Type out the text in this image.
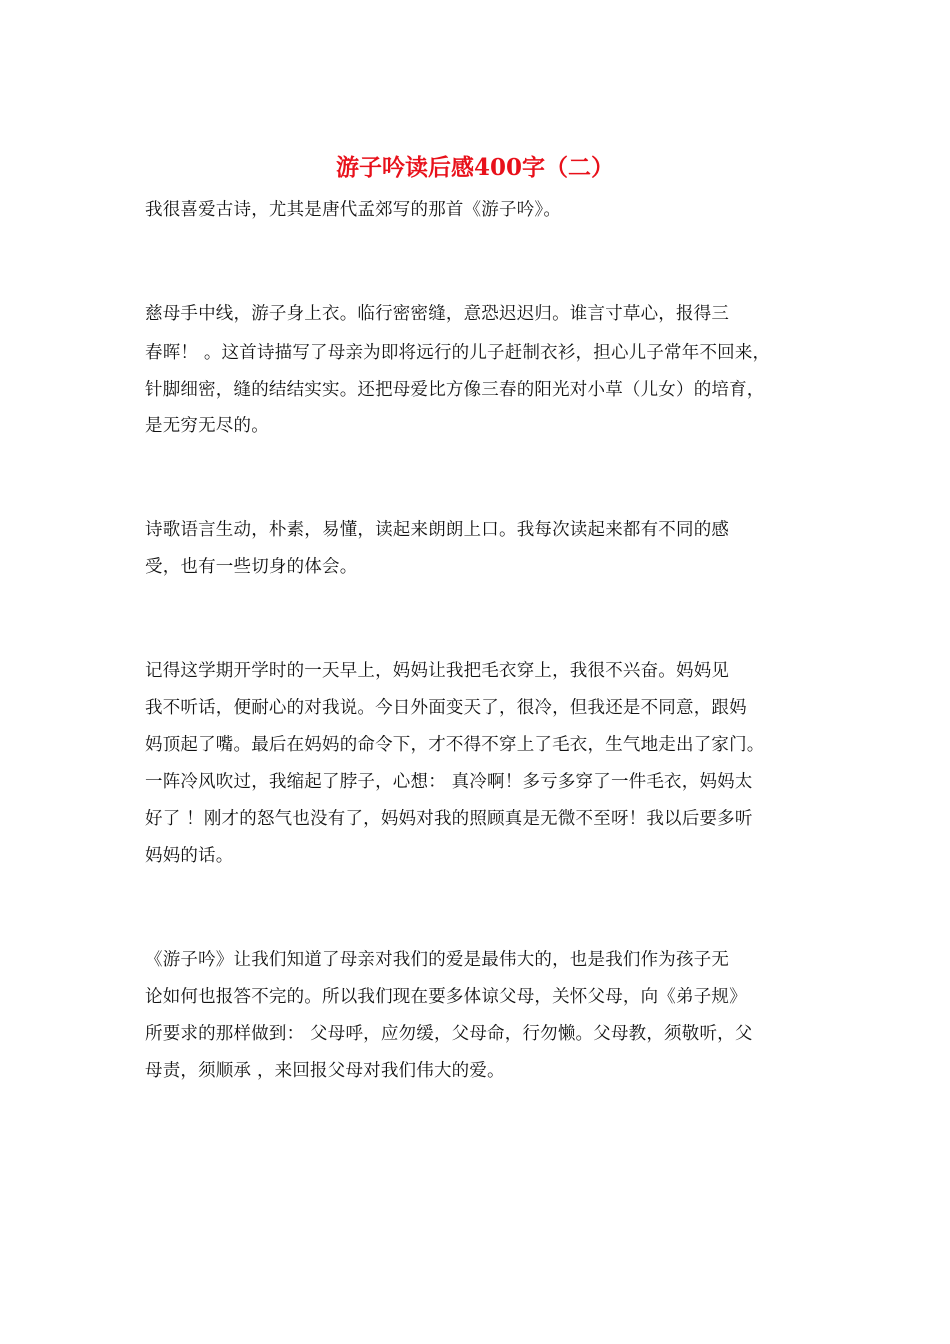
游子吟读后感400字（二）
我很喜爱古诗，尤其是唐代孟郊写的那首《游子吟》。
慈母手中线，游子身上衣。临行密密缝，意恐迟迟归。谁言寸草心，报得三
春晖！ 。这首诗描写了母亲为即将远行的儿子赶制衣衫，担心儿子常年不回来，
针脚细密，缝的结结实实。还把母爱比方像三春的阳光对小草（儿女）的培育，
是无穷无尽的。
诗歌语言生动，朴素，易懂，读起来朗朗上口。我每次读起来都有不同的感
受，也有一些切身的体会。
记得这学期开学时的一天早上，妈妈让我把毛衣穿上，我很不兴奋。妈妈见
我不听话，便耐心的对我说。今日外面变天了，很冷，但我还是不同意，跟妈
妈顶起了嘴。最后在妈妈的命令下，才不得不穿上了毛衣，生气地走出了家门。
一阵冷风吹过，我缩起了脖子，心想： 真冷啊！多亏多穿了一件毛衣，妈妈太
好了 ！刚才的怒气也没有了，妈妈对我的照顾真是无微不至呀！我以后要多听
妈妈的话。
《游子吟》让我们知道了母亲对我们的爱是最伟大的，也是我们作为孩子无
论如何也报答不完的。所以我们现在要多体谅父母，关怀父母，向《弟子规》
所要求的那样做到： 父母呼，应勿缓，父母命，行勿懒。父母教，须敬听，父
母责，须顺承 ，来回报父母对我们伟大的爱。
